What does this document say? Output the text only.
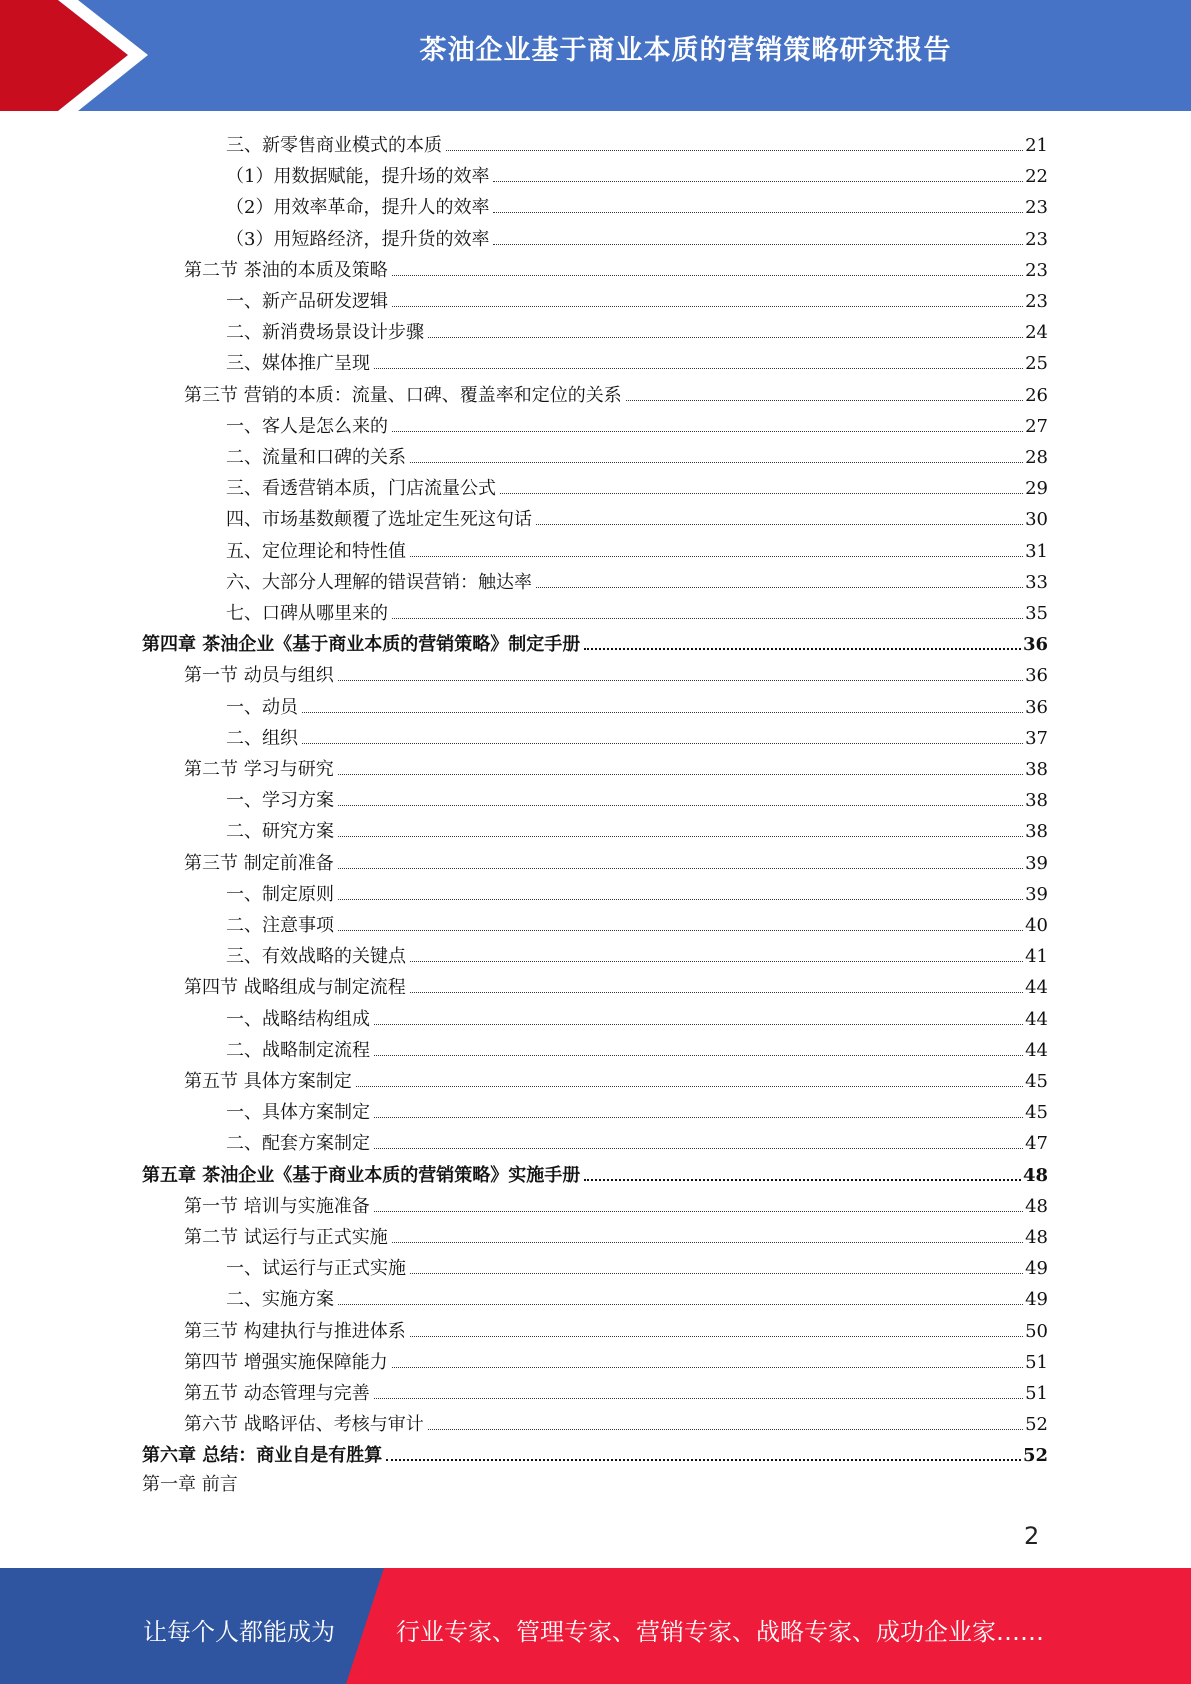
茶油企业基于商业本质的营销策略研究报告
三、新零售商业模式的本质	21
（1）用数据赋能，提升场的效率	22
（2）用效率革命，提升人的效率	23
（3）用短路经济，提升货的效率	23
第二节 茶油的本质及策略	23
一、新产品研发逻辑	23
二、新消费场景设计步骤	24
三、媒体推广呈现	25
第三节 营销的本质：流量、口碑、覆盖率和定位的关系	26
一、客人是怎么来的	27
二、流量和口碑的关系	28
三、看透营销本质，门店流量公式	29
四、市场基数颠覆了选址定生死这句话	30
五、定位理论和特性值	31
六、大部分人理解的错误营销：触达率	33
七、口碑从哪里来的	35
第四章 茶油企业《基于商业本质的营销策略》制定手册	36
第一节 动员与组织	36
一、动员	36
二、组织	37
第二节 学习与研究	38
一、学习方案	38
二、研究方案	38
第三节 制定前准备	39
一、制定原则	39
二、注意事项	40
三、有效战略的关键点	41
第四节 战略组成与制定流程	44
一、战略结构组成	44
二、战略制定流程	44
第五节 具体方案制定	45
一、具体方案制定	45
二、配套方案制定	47
第五章 茶油企业《基于商业本质的营销策略》实施手册	48
第一节 培训与实施准备	48
第二节 试运行与正式实施	48
一、试运行与正式实施	49
二、实施方案	49
第三节 构建执行与推进体系	50
第四节 增强实施保障能力	51
第五节 动态管理与完善	51
第六节 战略评估、考核与审计	52
第六章 总结：商业自是有胜算	52
第一章 前言
2
让每个人都能成为	行业专家、管理专家、营销专家、战略专家、成功企业家……
